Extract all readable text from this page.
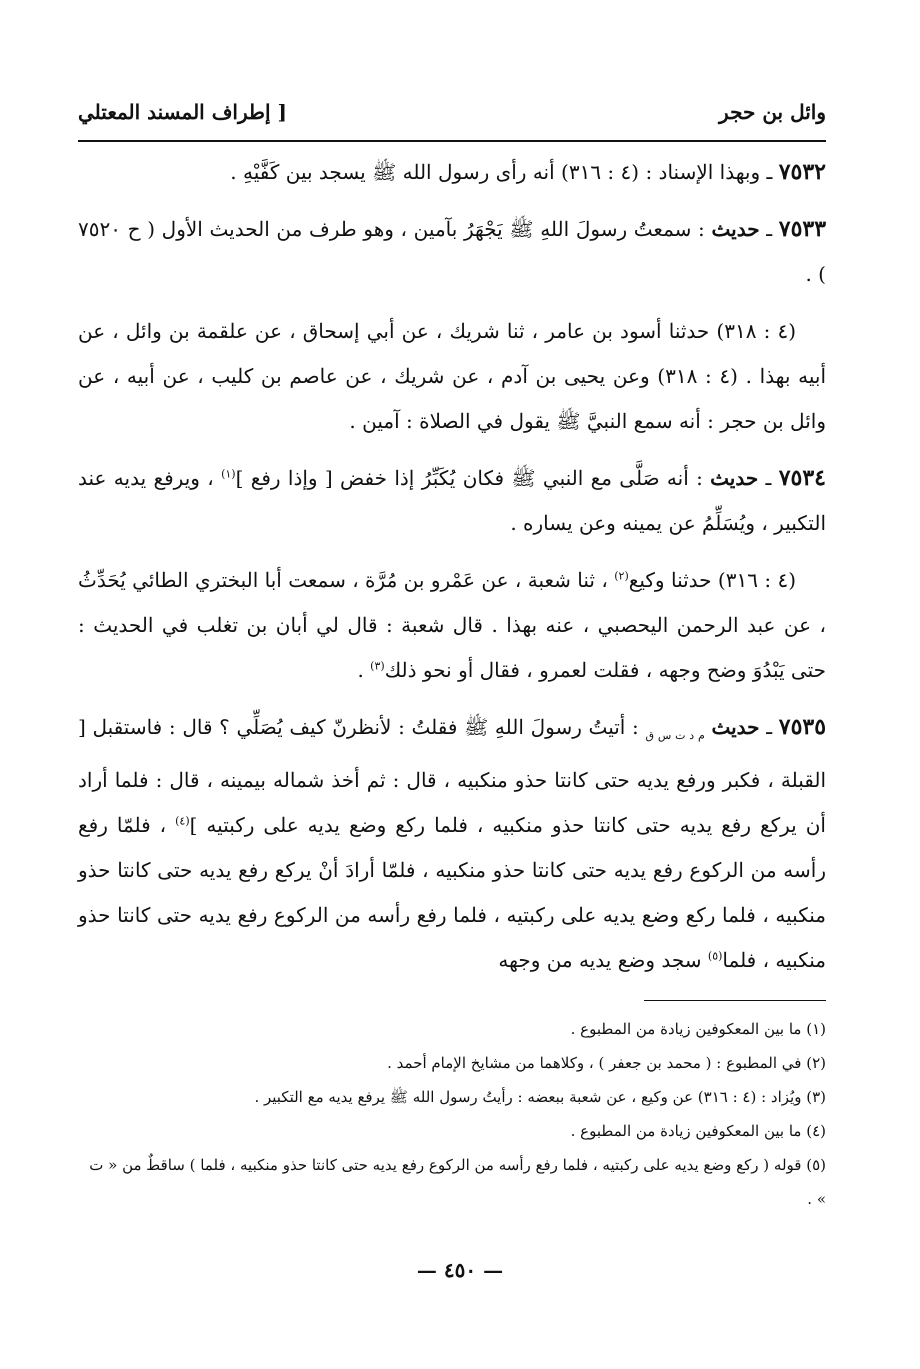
وائل بن حجر
[ إطراف المسند المعتلي

٧٥٣٢ ـ وبهذا الإسناد : (٤ : ٣١٦) أنه رأى رسول الله ﷺ يسجد بين كَفَّيْهِ .

٧٥٣٣ ـ حديث : سمعتُ رسولَ اللهِ ﷺ يَجْهَرُ بآمين ، وهو طرف من الحديث الأول ( ح ٧٥٢٠ ) .

(٤ : ٣١٨) حدثنا أسود بن عامر ، ثنا شريك ، عن أبي إسحاق ، عن علقمة بن وائل ، عن أبيه بهذا . (٤ : ٣١٨) وعن يحيى بن آدم ، عن شريك ، عن عاصم بن كليب ، عن أبيه ، عن وائل بن حجر : أنه سمع النبيَّ ﷺ يقول في الصلاة : آمين .

٧٥٣٤ ـ حديث : أنه صَلَّى مع النبي ﷺ فكان يُكَبِّرُ إذا خفض [ وإذا رفع ]$^{(١)}$ ، ويرفع يديه عند التكبير ، ويُسَلِّمُ عن يمينه وعن يساره .

(٤ : ٣١٦) حدثنا وكيع$^{(٢)}$ ، ثنا شعبة ، عن عَمْرو بن مُرَّة ، سمعت أبا البختري الطائي يُحَدِّثُ ، عن عبد الرحمن اليحصبي ، عنه بهذا . قال شعبة : قال لي أبان بن تغلب في الحديث : حتى يَبْدُوَ وضح وجهه ، فقلت لعمرو ، فقال أو نحو ذلك$^{(٣)}$ .

٧٥٣٥ ـ حديث $_{م د ت س ق}$ : أتيتُ رسولَ اللهِ ﷺ فقلتُ : لأنظرنّ كيف يُصَلِّي ؟ قال : فاستقبل [ القبلة ، فكبر ورفع يديه حتى كانتا حذو منكبيه ، قال : ثم أخذ شماله بيمينه ، قال : فلما أراد أن يركع رفع يديه حتى كانتا حذو منكبيه ، فلما ركع وضع يديه على ركبتيه ]$^{(٤)}$ ، فلمّا رفع رأسه من الركوع رفع يديه حتى كانتا حذو منكبيه ، فلمّا أرادَ أنْ يركع رفع يديه حتى كانتا حذو منكبيه ، فلما ركع وضع يديه على ركبتيه ، فلما رفع رأسه من الركوع رفع يديه حتى كانتا حذو منكبيه ، فلما$^{(٥)}$ سجد وضع يديه من وجهه

(١) ما بين المعكوفين زيادة من المطبوع .

(٢) في المطبوع : ( محمد بن جعفر ) ، وكلاهما من مشايخ الإمام أحمد .

(٣) ويُزاد : (٤ : ٣١٦) عن وكيع ، عن شعبة ببعضه : رأيتُ رسول الله ﷺ يرفع يديه مع التكبير .

(٤) ما بين المعكوفين زيادة من المطبوع .

(٥) قوله ( ركع وضع يديه على ركبتيه ، فلما رفع رأسه من الركوع رفع يديه حتى كانتا حذو منكبيه ، فلما ) ساقطٌ من « ت » .

— ٤٥٠ —
